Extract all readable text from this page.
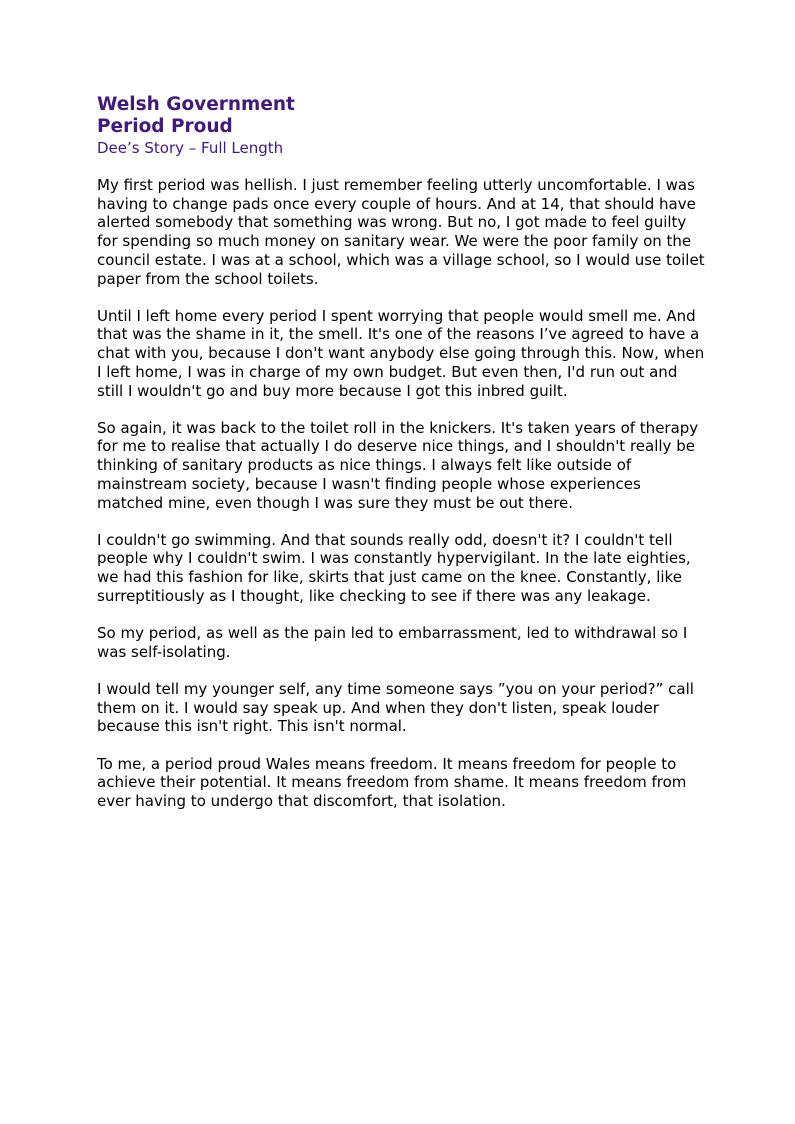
Welsh Government
Period Proud
Dee’s Story – Full Length

My first period was hellish. I just remember feeling utterly uncomfortable. I was having to change pads once every couple of hours. And at 14, that should have alerted somebody that something was wrong. But no, I got made to feel guilty for spending so much money on sanitary wear. We were the poor family on the council estate. I was at a school, which was a village school, so I would use toilet paper from the school toilets.

Until I left home every period I spent worrying that people would smell me. And that was the shame in it, the smell. It's one of the reasons I’ve agreed to have a chat with you, because I don't want anybody else going through this. Now, when I left home, I was in charge of my own budget. But even then, I'd run out and still I wouldn't go and buy more because I got this inbred guilt.

So again, it was back to the toilet roll in the knickers. It's taken years of therapy for me to realise that actually I do deserve nice things, and I shouldn't really be thinking of sanitary products as nice things. I always felt like outside of mainstream society, because I wasn't finding people whose experiences matched mine, even though I was sure they must be out there.

I couldn't go swimming. And that sounds really odd, doesn't it? I couldn't tell people why I couldn't swim. I was constantly hypervigilant. In the late eighties, we had this fashion for like, skirts that just came on the knee. Constantly, like surreptitiously as I thought, like checking to see if there was any leakage.

So my period, as well as the pain led to embarrassment, led to withdrawal so I was self-isolating.

I would tell my younger self, any time someone says ”you on your period?” call them on it. I would say speak up. And when they don't listen, speak louder because this isn't right. This isn't normal.

To me, a period proud Wales means freedom. It means freedom for people to achieve their potential. It means freedom from shame. It means freedom from ever having to undergo that discomfort, that isolation.
